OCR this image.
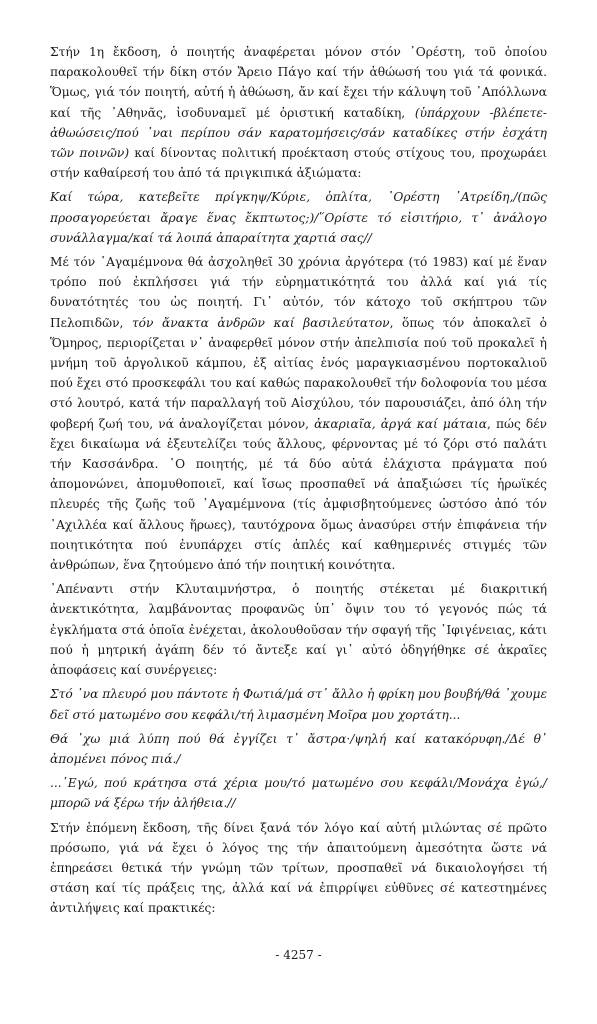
Στήν 1η ἔκδοση, ὁ ποιητής ἀναφέρεται μόνον στόν ᾿Ορέστη, τοῦ ὁποίου παρακολουθεῖ τήν δίκη στόν Ἄρειο Πάγο καί τήν ἀθώωσή του γιά τά φονικά. Ὅμως, γιά τόν ποιητή, αὐτή ἡ ἀθώωση, ἄν καί ἔχει τήν κάλυψη τοῦ ᾿Απόλλωνα καί τῆς ᾿Αθηνᾶς, ἰσοδυναμεῖ μέ ὁριστική καταδίκη, (ὑπάρχουν -βλέπετε- ἀθωώσεις/πού ᾽ναι περίπου σάν καρατομήσεις/σάν καταδίκες στήν ἐσχάτη τῶν ποινῶν) καί δίνοντας πολιτική προέκταση στούς στίχους του, προχωράει στήν καθαίρεσή του ἀπό τά πριγκιπικά ἀξιώματα:

Καί τώρα, κατεβεῖτε πρίγκηψ/Κύριε, ὁπλίτα, ᾿Ορέστη ᾿Ατρείδη,/(πῶς προσαγορεύεται ἄραγε ἕνας ἔκπτωτος;)/῞Ορίστε τό εἰσιτήριο, τ᾽ ἀνάλογο συνάλλαγμα/καί τά λοιπά ἀπαραίτητα χαρτιά σας//

Μέ τόν ᾿Αγαμέμνονα θά ἀσχοληθεῖ 30 χρόνια ἀργότερα (τό 1983) καί μέ ἕναν τρόπο πού ἐκπλήσσει γιά τήν εὑρηματικότητά του ἀλλά καί γιά τίς δυνατότητές του ὡς ποιητή. Γι᾽ αὐτόν, τόν κάτοχο τοῦ σκήπτρου τῶν Πελοπιδῶν, τόν ἄνακτα ἀνδρῶν καί βασιλεύτατον, ὅπως τόν ἀποκαλεῖ ὁ Ὅμηρος, περιορίζεται ν᾽ ἀναφερθεῖ μόνον στήν ἀπελπισία πού τοῦ προκαλεῖ ἡ μνήμη τοῦ ἀργολικοῦ κάμπου, ἐξ αἰτίας ἑνός μαραγκιασμένου πορτοκαλιοῦ πού ἔχει στό προσκεφάλι του καί καθώς παρακολουθεῖ τήν δολοφονία του μέσα στό λουτρό, κατά τήν παραλλαγή τοῦ Αἰσχύλου, τόν παρουσιάζει, ἀπό όλη τήν φοβερή ζωή του, νά ἀναλογίζεται μόνον, ἀκαριαῖα, ἀργά καί μάταια, πώς δέν ἔχει δικαίωμα νά ἐξευτελίζει τούς ἄλλους, φέρνοντας μέ τό ζόρι στό παλάτι τήν Κασσάνδρα. ῾Ο ποιητής, μέ τά δύο αὐτά ἐλάχιστα πράγματα πού ἀπομονώνει, ἀπομυθοποιεῖ, καί ἴσως προσπαθεῖ νά ἀπαξιώσει τίς ἡρωϊκές πλευρές τῆς ζωῆς τοῦ ᾿Αγαμέμνονα (τίς ἀμφισβητούμενες ὡστόσο ἀπό τόν ᾿Αχιλλέα καί ἄλλους ἥρωες), ταυτόχρονα ὅμως ἀνασύρει στήν ἐπιφάνεια τήν ποιητικότητα πού ἐνυπάρχει στίς ἁπλές καί καθημερινές στιγμές τῶν ἀνθρώπων, ἕνα ζητούμενο ἀπό τήν ποιητική κοινότητα.

᾿Απέναντι στήν Κλυταιμνήστρα, ὁ ποιητής στέκεται μέ διακριτική ἀνεκτικότητα, λαμβάνοντας προφανῶς ὑπ᾽ ὄψιν του τό γεγονός πώς τά ἐγκλήματα στά ὁποῖα ἐνέχεται, ἀκολουθοῦσαν τήν σφαγή τῆς ᾿Ιφιγένειας, κάτι πού ἡ μητρική ἀγάπη δέν τό ἄντεξε καί γι᾽ αὐτό ὁδηγήθηκε σέ ἀκραῖες ἀποφάσεις καί συνέργειες:

Στό ᾽να πλευρό μου πάντοτε ἡ Φωτιά/μά στ᾽ ἄλλο ἡ φρίκη μου βουβή/θά ᾽χουμε δεῖ στό ματωμένο σου κεφάλι/τή λιμασμένη Μοῖρα μου χορτάτη...

Θά ᾽χω μιά λύπη πού θά ἐγγίζει τ᾽ ἄστρα·/ψηλή καί κατακόρυφη./Δέ θ᾽ ἀπομένει πόνος πιά./

...᾽Εγώ, πού κράτησα στά χέρια μου/τό ματωμένο σου κεφάλι/Μονάχα ἐγώ,/μπορῶ νά ξέρω τήν ἀλήθεια.//

Στήν ἑπόμενη ἔκδοση, τῆς δίνει ξανά τόν λόγο καί αὐτή μιλώντας σέ πρῶτο πρόσωπο, γιά νά ἔχει ὁ λόγος της τήν ἀπαιτούμενη ἀμεσότητα ὥστε νά ἐπηρεάσει θετικά τήν γνώμη τῶν τρίτων, προσπαθεῖ νά δικαιολογήσει τή στάση καί τίς πράξεις της, ἀλλά καί νά ἐπιρρίψει εὐθῦνες σέ κατεστημένες ἀντιλήψεις καί πρακτικές:

- 4257 -
